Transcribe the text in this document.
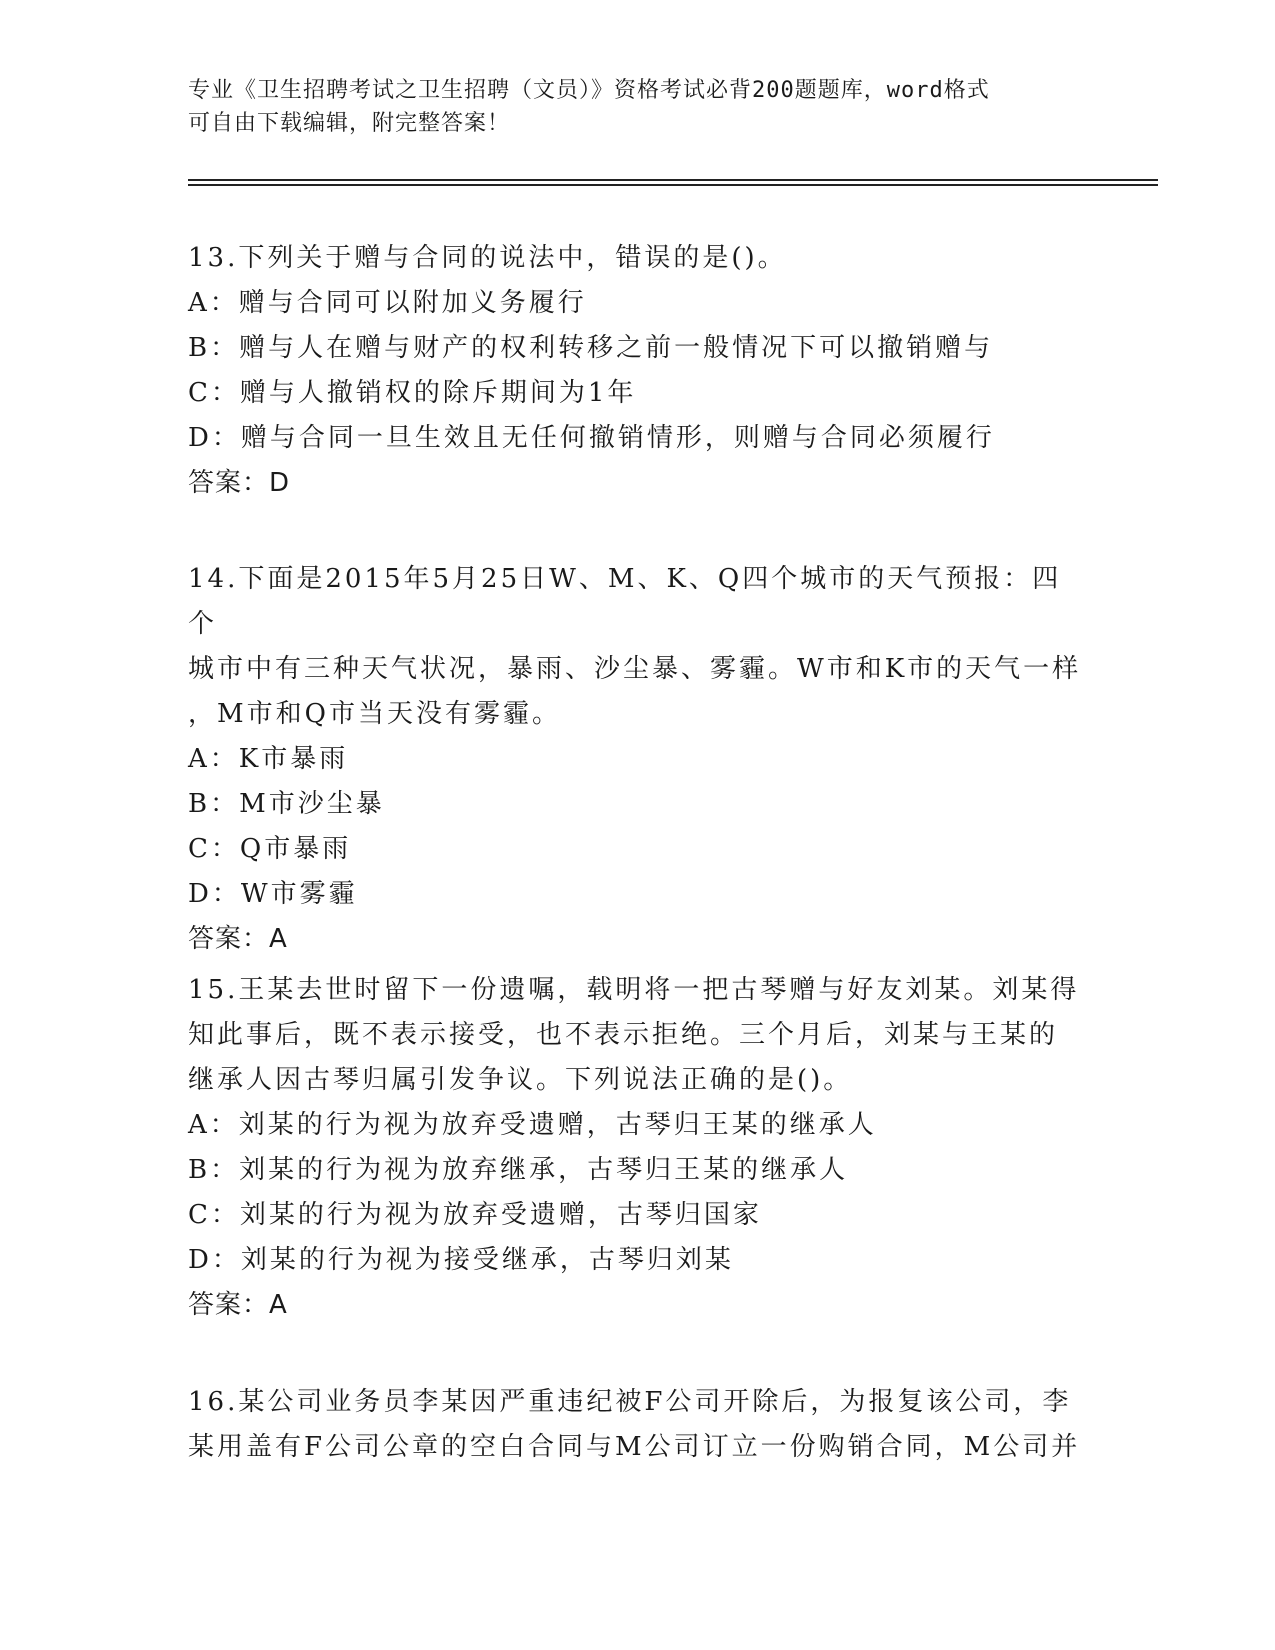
专业《卫生招聘考试之卫生招聘（文员）》资格考试必背200题题库，word格式
可自由下载编辑，附完整答案！

13.下列关于赠与合同的说法中，错误的是()。

A：赠与合同可以附加义务履行

B：赠与人在赠与财产的权利转移之前一般情况下可以撤销赠与

C：赠与人撤销权的除斥期间为1年

D：赠与合同一旦生效且无任何撤销情形，则赠与合同必须履行

答案：D

14.下面是2015年5月25日W、M、K、Q四个城市的天气预报：四个

城市中有三种天气状况，暴雨、沙尘暴、雾霾。W市和K市的天气一样

，M市和Q市当天没有雾霾。

A：K市暴雨

B：M市沙尘暴

C：Q市暴雨

D：W市雾霾

答案：A

15.王某去世时留下一份遗嘱，载明将一把古琴赠与好友刘某。刘某得

知此事后，既不表示接受，也不表示拒绝。三个月后，刘某与王某的

继承人因古琴归属引发争议。下列说法正确的是()。

A：刘某的行为视为放弃受遗赠，古琴归王某的继承人

B：刘某的行为视为放弃继承，古琴归王某的继承人

C：刘某的行为视为放弃受遗赠，古琴归国家

D：刘某的行为视为接受继承，古琴归刘某

答案：A

16.某公司业务员李某因严重违纪被F公司开除后，为报复该公司，李

某用盖有F公司公章的空白合同与M公司订立一份购销合同，M公司并
